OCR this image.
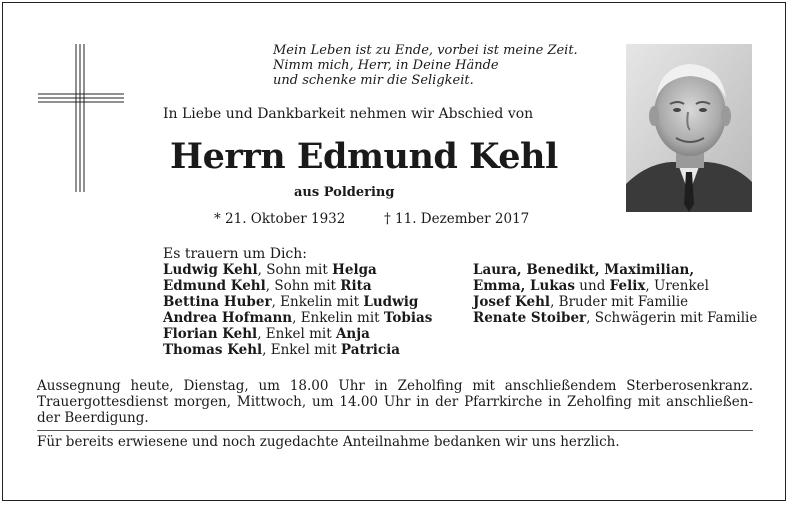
Mein Leben ist zu Ende, vorbei ist meine Zeit.
Nimm mich, Herr, in Deine Hände
und schenke mir die Seligkeit.
In Liebe und Dankbarkeit nehmen wir Abschied von
Herrn Edmund Kehl
aus Poldering
* 21. Oktober 1932	† 11. Dezember 2017
Es trauern um Dich:
Ludwig Kehl, Sohn mit Helga
Edmund Kehl, Sohn mit Rita
Bettina Huber, Enkelin mit Ludwig
Andrea Hofmann, Enkelin mit Tobias
Florian Kehl, Enkel mit Anja
Thomas Kehl, Enkel mit Patricia
Laura, Benedikt, Maximilian,
Emma, Lukas und Felix, Urenkel
Josef Kehl, Bruder mit Familie
Renate Stoiber, Schwägerin mit Familie
Aussegnung heute, Dienstag, um 18.00 Uhr in Zeholfing mit anschließendem Sterberosenkranz.
Trauergottesdienst morgen, Mittwoch, um 14.00 Uhr in der Pfarrkirche in Zeholfing mit anschließen-
der Beerdigung.
Für bereits erwiesene und noch zugedachte Anteilnahme bedanken wir uns herzlich.
